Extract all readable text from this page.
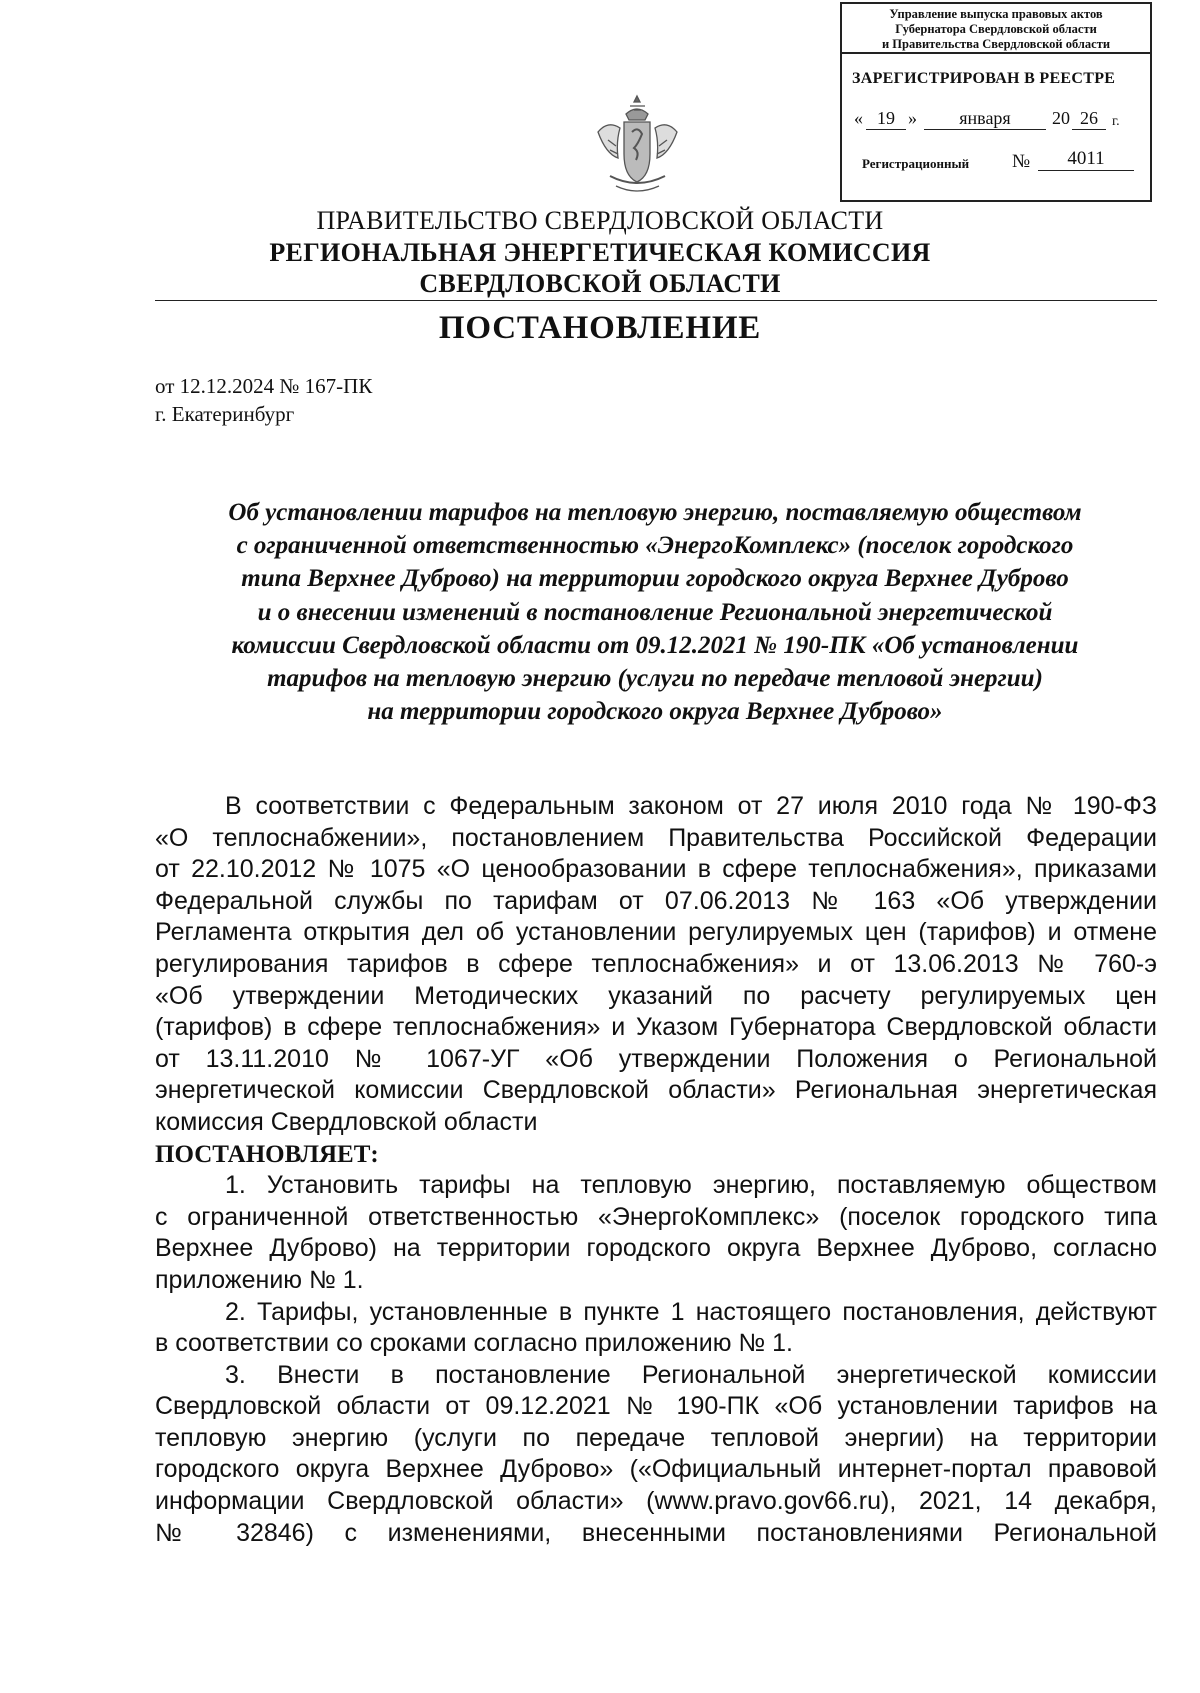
Управление выпуска правовых актов
Губернатора Свердловской области
и Правительства Свердловской области
ЗАРЕГИСТРИРОВАН В РЕЕСТРЕ
« 19 »	января	20 26	г.
Регистрационный №	4011
ПРАВИТЕЛЬСТВО СВЕРДЛОВСКОЙ ОБЛАСТИ
РЕГИОНАЛЬНАЯ ЭНЕРГЕТИЧЕСКАЯ КОМИССИЯ
СВЕРДЛОВСКОЙ ОБЛАСТИ
ПОСТАНОВЛЕНИЕ
от 12.12.2024 № 167-ПК
г. Екатеринбург
Об установлении тарифов на тепловую энергию, поставляемую обществом
с ограниченной ответственностью «ЭнергоКомплекс» (поселок городского
типа Верхнее Дуброво) на территории городского округа Верхнее Дуброво
и о внесении изменений в постановление Региональной энергетической
комиссии Свердловской области от 09.12.2021 № 190-ПК «Об установлении
тарифов на тепловую энергию (услуги по передаче тепловой энергии)
на территории городского округа Верхнее Дуброво»
В соответствии с Федеральным законом от 27 июля 2010 года № 190-ФЗ
«О теплоснабжении», постановлением Правительства Российской Федерации
от 22.10.2012 № 1075 «О ценообразовании в сфере теплоснабжения», приказами
Федеральной службы по тарифам от 07.06.2013 № 163 «Об утверждении
Регламента открытия дел об установлении регулируемых цен (тарифов) и отмене
регулирования тарифов в сфере теплоснабжения» и от 13.06.2013 № 760-э
«Об утверждении Методических указаний по расчету регулируемых цен
(тарифов) в сфере теплоснабжения» и Указом Губернатора Свердловской области
от 13.11.2010 № 1067-УГ «Об утверждении Положения о Региональной
энергетической комиссии Свердловской области» Региональная энергетическая
комиссия Свердловской области
ПОСТАНОВЛЯЕТ:
1. Установить тарифы на тепловую энергию, поставляемую обществом
с ограниченной ответственностью «ЭнергоКомплекс» (поселок городского типа
Верхнее Дуброво) на территории городского округа Верхнее Дуброво, согласно
приложению № 1.
2. Тарифы, установленные в пункте 1 настоящего постановления, действуют
в соответствии со сроками согласно приложению № 1.
3. Внести в постановление Региональной энергетической комиссии
Свердловской области от 09.12.2021 № 190-ПК «Об установлении тарифов на
тепловую энергию (услуги по передаче тепловой энергии) на территории
городского округа Верхнее Дуброво» («Официальный интернет-портал правовой
информации Свердловской области» (www.pravo.gov66.ru), 2021, 14 декабря,
№ 32846) с изменениями, внесенными постановлениями Региональной
